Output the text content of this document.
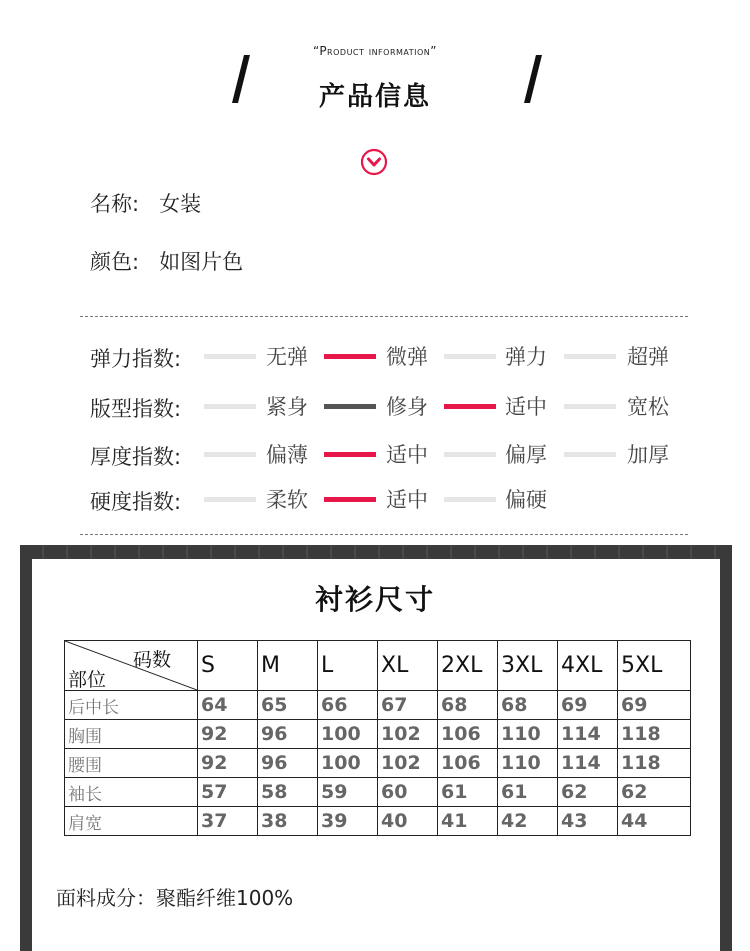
“Product information”
产品信息
名称: 女装
颜色: 如图片色
弹力指数:	无弹	微弹	弹力	超弹
版型指数:	紧身	修身	适中	宽松
厚度指数:	偏薄	适中	偏厚	加厚
硬度指数:	柔软	适中	偏硬
衬衫尺寸
码数
部位	S	M	L	XL	2XL	3XL	4XL	5XL
后中长	64	65	66	67	68	68	69	69
胸围	92	96	100	102	106	110	114	118
腰围	92	96	100	102	106	110	114	118
袖长	57	58	59	60	61	61	62	62
肩宽	37	38	39	40	41	42	43	44
面料成分：聚酯纤维100%
